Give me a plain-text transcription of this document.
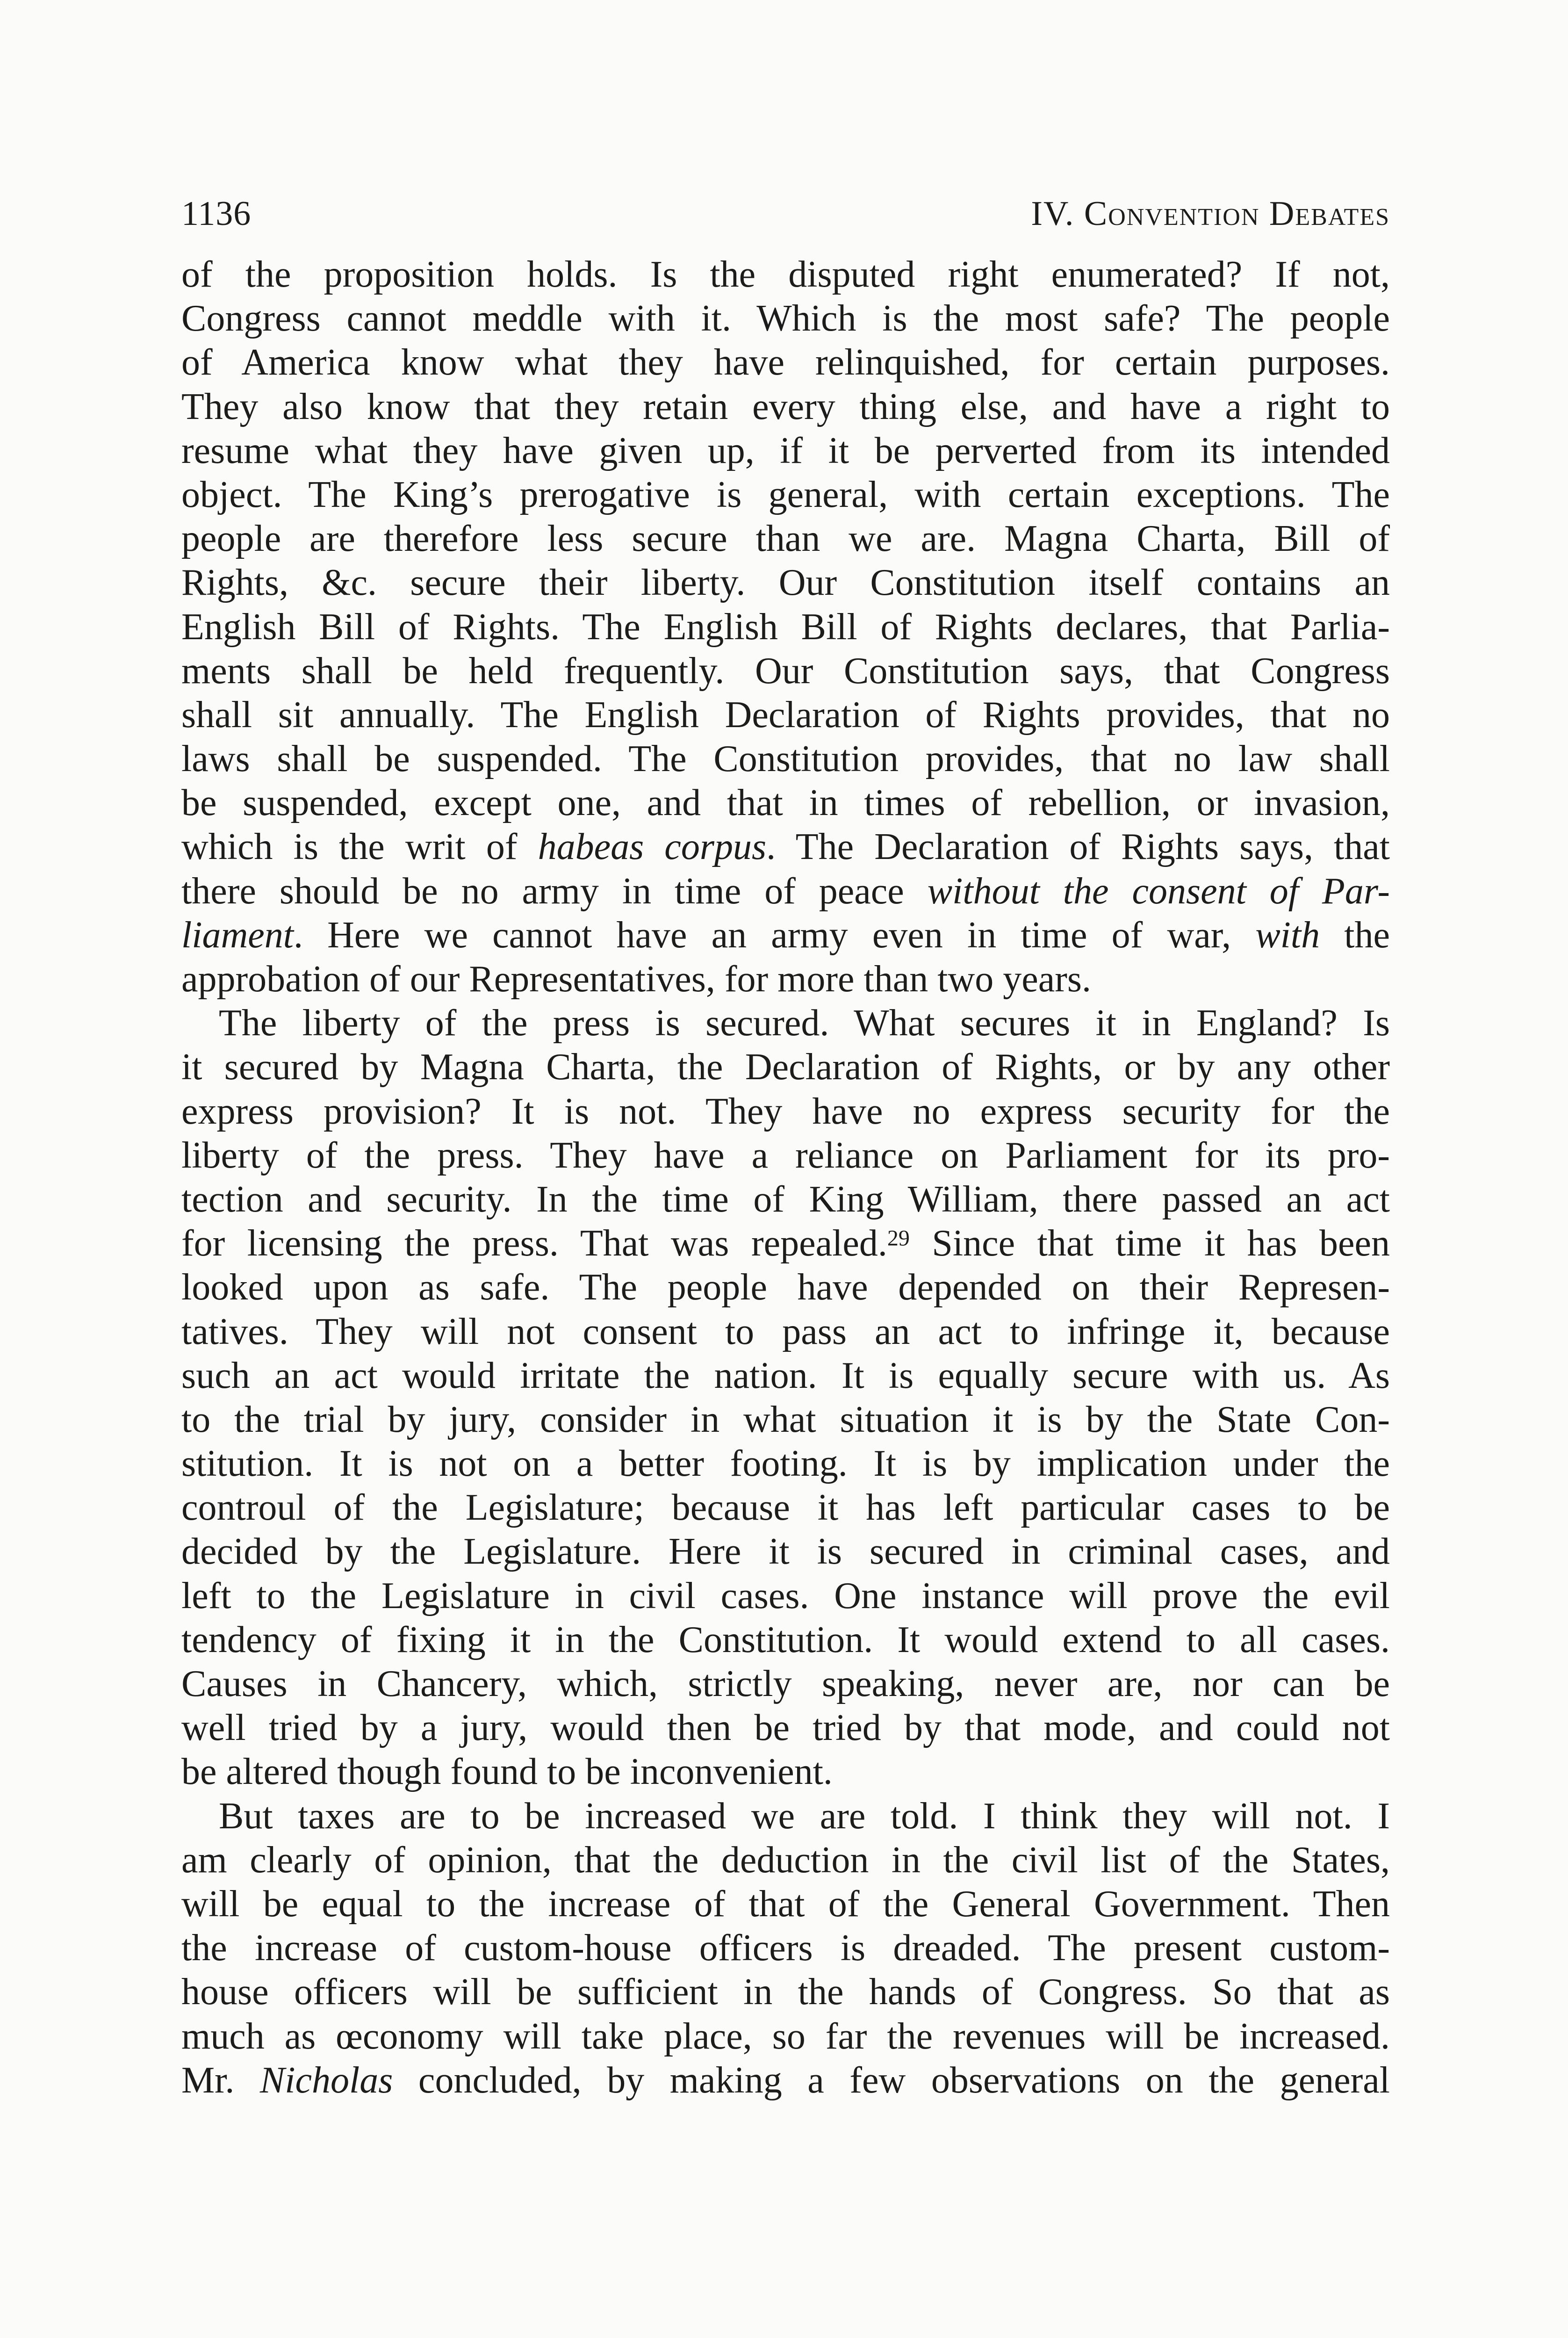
1136	IV. Convention Debates
of the proposition holds. Is the disputed right enumerated? If not,
Congress cannot meddle with it. Which is the most safe? The people
of America know what they have relinquished, for certain purposes.
They also know that they retain every thing else, and have a right to
resume what they have given up, if it be perverted from its intended
object. The King’s prerogative is general, with certain exceptions. The
people are therefore less secure than we are. Magna Charta, Bill of
Rights, &c. secure their liberty. Our Constitution itself contains an
English Bill of Rights. The English Bill of Rights declares, that Parlia-
ments shall be held frequently. Our Constitution says, that Congress
shall sit annually. The English Declaration of Rights provides, that no
laws shall be suspended. The Constitution provides, that no law shall
be suspended, except one, and that in times of rebellion, or invasion,
which is the writ of habeas corpus. The Declaration of Rights says, that
there should be no army in time of peace without the consent of Par-
liament. Here we cannot have an army even in time of war, with the
approbation of our Representatives, for more than two years.
The liberty of the press is secured. What secures it in England? Is
it secured by Magna Charta, the Declaration of Rights, or by any other
express provision? It is not. They have no express security for the
liberty of the press. They have a reliance on Parliament for its pro-
tection and security. In the time of King William, there passed an act
for licensing the press. That was repealed.$^{29}$ Since that time it has been
looked upon as safe. The people have depended on their Represen-
tatives. They will not consent to pass an act to infringe it, because
such an act would irritate the nation. It is equally secure with us. As
to the trial by jury, consider in what situation it is by the State Con-
stitution. It is not on a better footing. It is by implication under the
controul of the Legislature; because it has left particular cases to be
decided by the Legislature. Here it is secured in criminal cases, and
left to the Legislature in civil cases. One instance will prove the evil
tendency of fixing it in the Constitution. It would extend to all cases.
Causes in Chancery, which, strictly speaking, never are, nor can be
well tried by a jury, would then be tried by that mode, and could not
be altered though found to be inconvenient.
But taxes are to be increased we are told. I think they will not. I
am clearly of opinion, that the deduction in the civil list of the States,
will be equal to the increase of that of the General Government. Then
the increase of custom-house officers is dreaded. The present custom-
house officers will be sufficient in the hands of Congress. So that as
much as œconomy will take place, so far the revenues will be increased.
Mr. Nicholas concluded, by making a few observations on the general
